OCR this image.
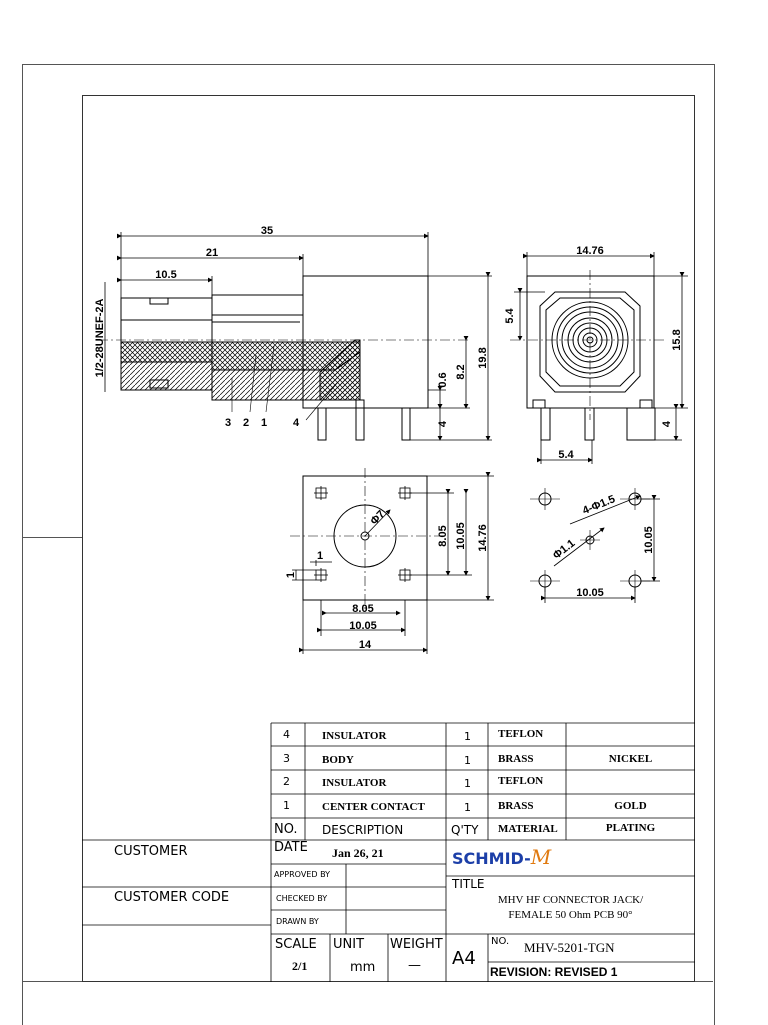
35
21
10.5
1/2-28UNEF-2A	19.8
8.2
0.6
4
3 2 1 4
14.76
5.4
15.8
5.4
4
Φ7
8.05 10.05 14.76
1
1
8.05
10.05
14
4-Φ1.5
Φ1.1	10.05
10.05
4	INSULATOR	1 TEFLON
3	BODY	1 BRASS	NICKEL
2	INSULATOR	1 TEFLON
1	CENTER CONTACT	1 BRASS	GOLD
NO. DESCRIPTION	Q'TY MATERIAL	PLATING
CUSTOMER
CUSTOMER CODE
DATE Jan 26, 21
APPROVED BY
CHECKED BY
DRAWN BY
SCHMID-M
TITLE
MHV HF CONNECTOR JACK/
FEMALE 50 Ohm PCB 90°
SCALE
2/1
UNIT
mm
WEIGHT
— A4
NO. MHV-5201-TGN
REVISION: REVISED 1
